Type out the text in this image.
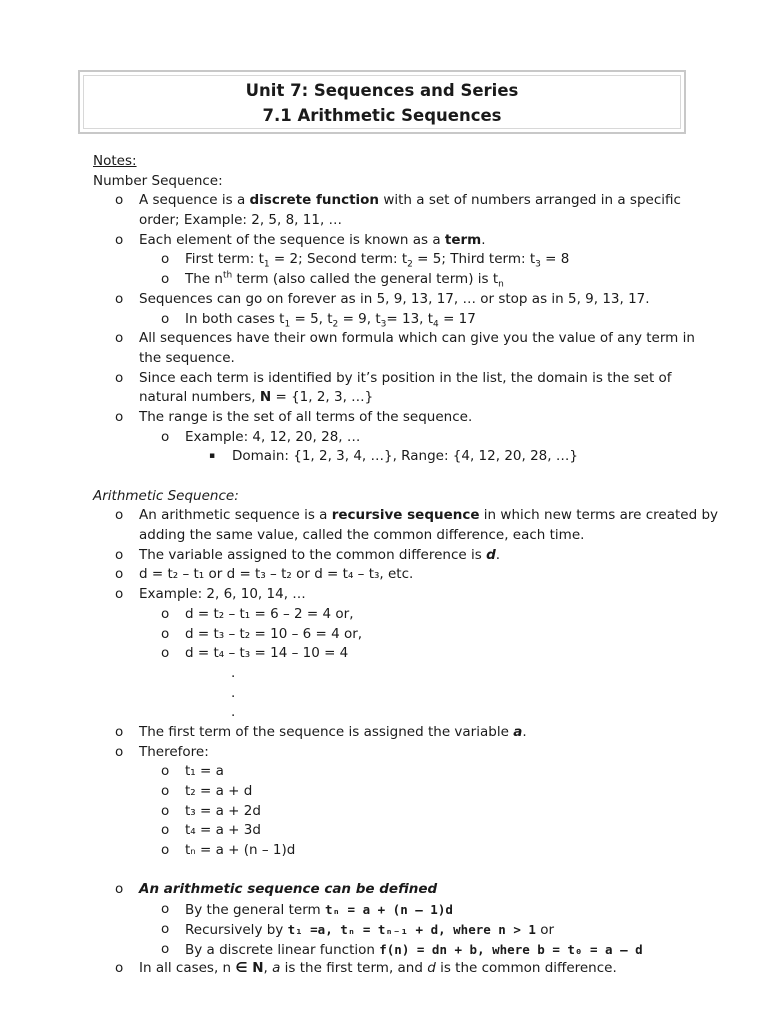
Unit 7: Sequences and Series
7.1 Arithmetic Sequences
Notes:
Number Sequence:
o A sequence is a discrete function with a set of numbers arranged in a specific
order; Example: 2, 5, 8, 11, …
o Each element of the sequence is known as a term.
o First term: $t_1 = 2$; Second term: $t_2 = 5$; Third term: $t_3 = 8$
o The $n^{th}$ term (also called the general term) is $t_n$
o Sequences can go on forever as in 5, 9, 13, 17, … or stop as in 5, 9, 13, 17.
o In both cases $t_1 = 5$, $t_2 = 9$, $t_3= 13$, $t_4 = 17$
o All sequences have their own formula which can give you the value of any term in
the sequence.
o Since each term is identified by it’s position in the list, the domain is the set of
natural numbers, N = {1, 2, 3, …}
o The range is the set of all terms of the sequence.
o Example: 4, 12, 20, 28, …
▪ Domain: {1, 2, 3, 4, …}, Range: {4, 12, 20, 28, …}
Arithmetic Sequence:
o An arithmetic sequence is a recursive sequence in which new terms are created by
adding the same value, called the common difference, each time.
o The variable assigned to the common difference is d.
o d = t₂ – t₁ or d = t₃ – t₂ or d = t₄ – t₃, etc.
o Example: 2, 6, 10, 14, …
o d = t₂ – t₁ = 6 – 2 = 4 or,
o d = t₃ – t₂ = 10 – 6 = 4 or,
o d = t₄ – t₃ = 14 – 10 = 4
.
.
.
o The first term of the sequence is assigned the variable a.
o Therefore:
o t₁ = a
o t₂ = a + d
o t₃ = a + 2d
o t₄ = a + 3d
o tₙ = a + (n – 1)d
o An arithmetic sequence can be defined
o By the general term tₙ = a + (n – 1)d
o Recursively by t₁ =a, tₙ = tₙ₋₁ + d, where n > 1 or
o By a discrete linear function f(n) = dn + b, where b = t₀ = a – d
o In all cases, n ∈ N, a is the first term, and d is the common difference.
